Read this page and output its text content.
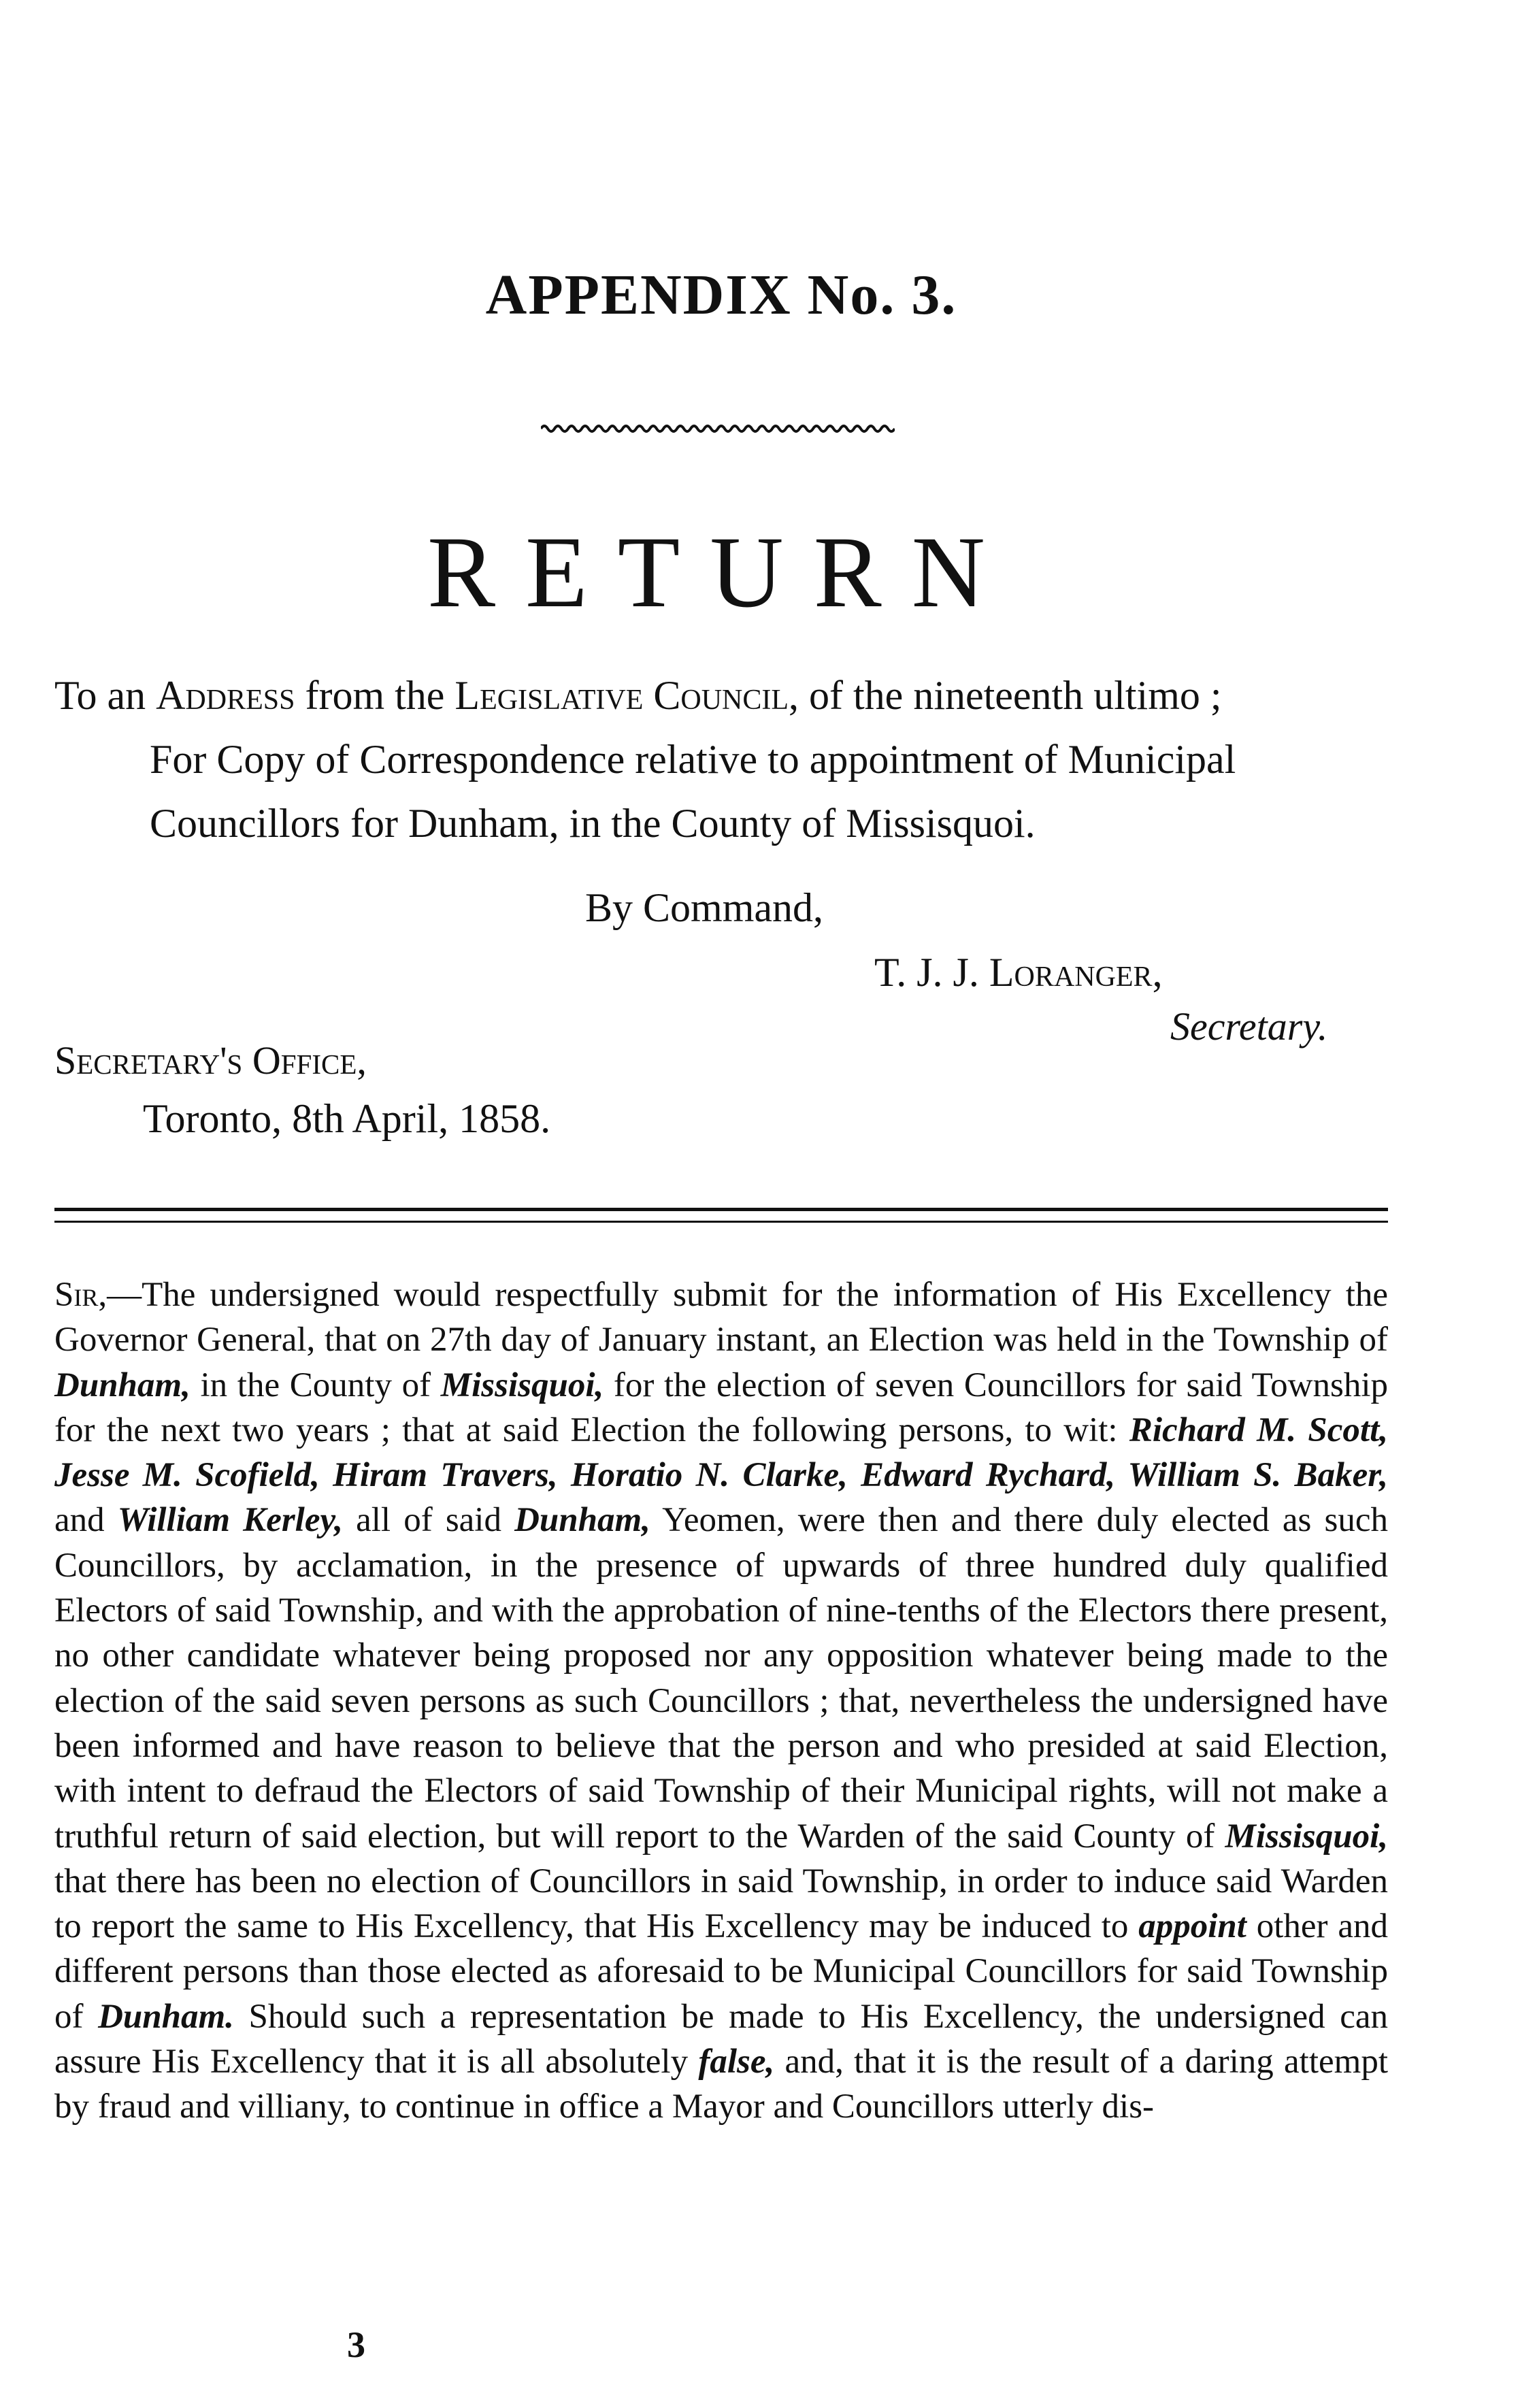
APPENDIX No. 3.
RETURN
To an Address from the Legislative Council, of the nineteenth ultimo ;
For Copy of Correspondence relative to appointment of Municipal
Councillors for Dunham, in the County of Missisquoi.
By Command,
T. J. J. Loranger,
Secretary.
Secretary's Office,
Toronto, 8th April, 1858.
Sir,—The undersigned would respectfully submit for the information of His Excellency the Governor General, that on 27th day of January instant, an Election was held in the Township of Dunham, in the County of Missisquoi, for the election of seven Councillors for said Township for the next two years ; that at said Election the following persons, to wit: Richard M. Scott, Jesse M. Scofield, Hiram Travers, Horatio N. Clarke, Edward Rychard, William S. Baker, and William Kerley, all of said Dunham, Yeomen, were then and there duly elected as such Councillors, by acclamation, in the presence of upwards of three hundred duly qualified Electors of said Township, and with the approbation of nine-tenths of the Electors there present, no other candidate whatever being proposed nor any opposition whatever being made to the election of the said seven persons as such Councillors ; that, nevertheless the undersigned have been informed and have reason to believe that the person and who presided at said Election, with intent to defraud the Electors of said Township of their Municipal rights, will not make a truthful return of said election, but will report to the Warden of the said County of Missisquoi, that there has been no election of Councillors in said Township, in order to induce said Warden to report the same to His Excellency, that His Excellency may be induced to appoint other and different persons than those elected as aforesaid to be Municipal Councillors for said Township of Dunham. Should such a representation be made to His Excellency, the undersigned can assure His Excellency that it is all absolutely false, and, that it is the result of a daring attempt by fraud and villiany, to continue in office a Mayor and Councillors utterly dis-
3
